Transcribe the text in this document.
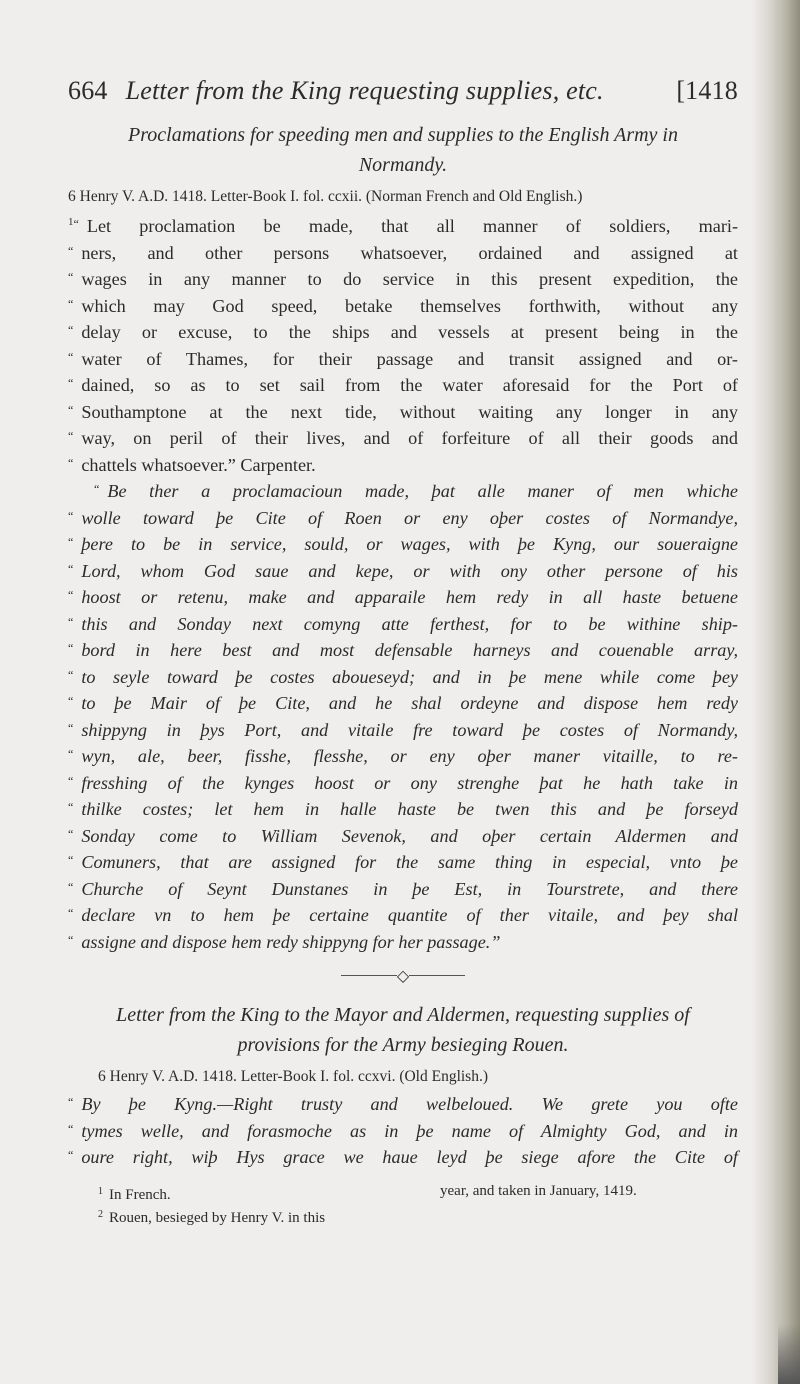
664 Letter from the King requesting supplies, etc.	[1418
Proclamations for speeding men and supplies to the English Army in Normandy.
6 Henry V. A.D. 1418. Letter-Book I. fol. ccxii. (Norman French and Old English.)
$^{1“}$ Let proclamation be made, that all manner of soldiers, mari-
“ ners, and other persons whatsoever, ordained and assigned at
“ wages in any manner to do service in this present expedition, the
“ which may God speed, betake themselves forthwith, without any
“ delay or excuse, to the ships and vessels at present being in the
“ water of Thames, for their passage and transit assigned and or-
“ dained, so as to set sail from the water aforesaid for the Port of
“ Southamptone at the next tide, without waiting any longer in any
“ way, on peril of their lives, and of forfeiture of all their goods and
“ chattels whatsoever.” Carpenter.
“ Be ther a proclamacioun made, þat alle maner of men whiche
“ wolle toward þe Cite of Roen or eny oþer costes of Normandye,
“ þere to be in service, sould, or wages, with þe Kyng, our soueraigne
“ Lord, whom God saue and kepe, or with ony other persone of his
“ hoost or retenu, make and apparaile hem redy in all haste betuene
“ this and Sonday next comyng atte ferthest, for to be withine ship-
“ bord in here best and most defensable harneys and couenable array,
“ to seyle toward þe costes aboueseyd; and in þe mene while come þey
“ to þe Mair of þe Cite, and he shal ordeyne and dispose hem redy
“ shippyng in þys Port, and vitaile fre toward þe costes of Normandy,
“ wyn, ale, beer, fisshe, flesshe, or eny oþer maner vitaille, to re-
“ fresshing of the kynges hoost or ony strenghe þat he hath take in
“ thilke costes; let hem in halle haste be twen this and þe forseyd
“ Sonday come to William Sevenok, and oþer certain Aldermen and
“ Comuners, that are assigned for the same thing in especial, vnto þe
“ Churche of Seynt Dunstanes in þe Est, in Tourstrete, and there
“ declare vn to hem þe certaine quantite of ther vitaile, and þey shal
“ assigne and dispose hem redy shippyng for her passage.”
◇
Letter from the King to the Mayor and Aldermen, requesting supplies of provisions for the Army besieging Rouen.
6 Henry V. A.D. 1418. Letter-Book I. fol. ccxvi. (Old English.)
“ By þe Kyng.—Right trusty and welbeloued. We grete you ofte
“ tymes welle, and forasmoche as in þe name of Almighty God, and in
“ oure right, wiþ Hys grace we haue leyd þe siege afore the Cite of
$^1$ In French.
$^2$ Rouen, besieged by Henry V. in this
year, and taken in January, 1419.
